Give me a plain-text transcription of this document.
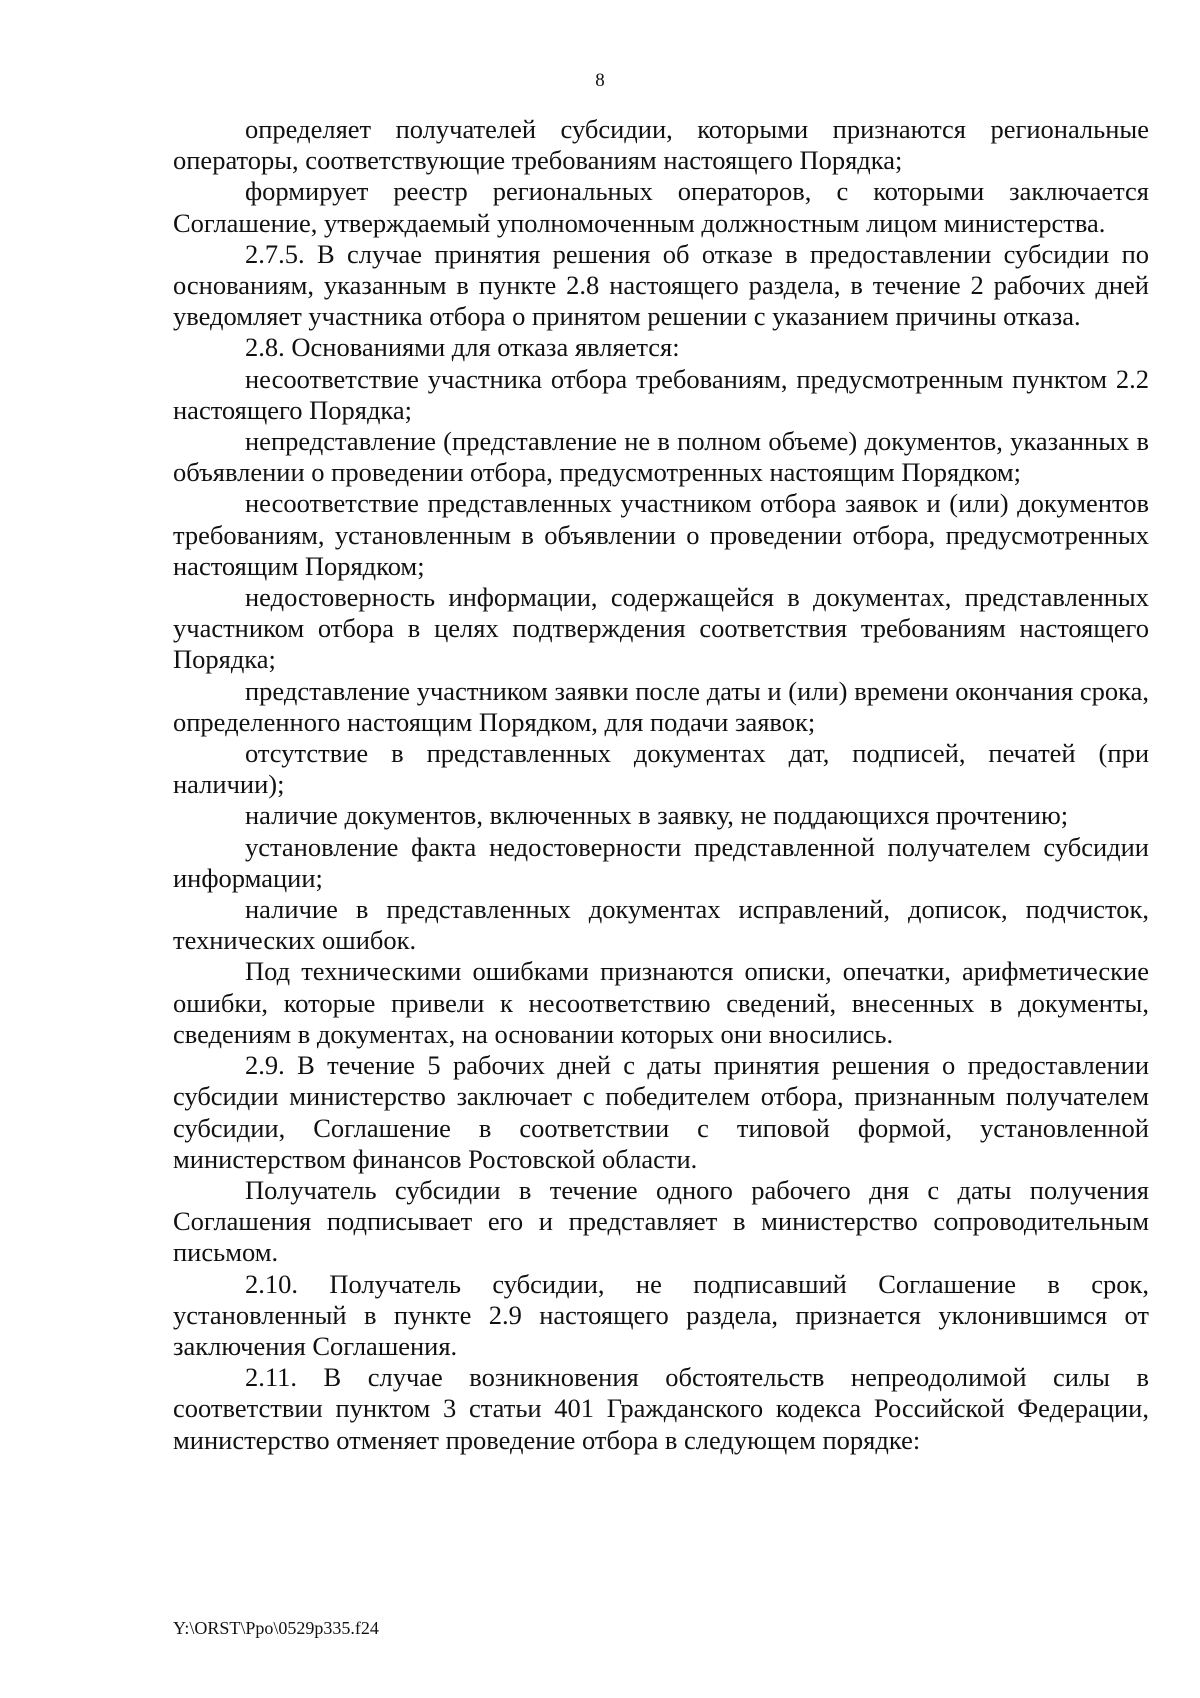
8

определяет получателей субсидии, которыми признаются региональные операторы, соответствующие требованиям настоящего Порядка;

формирует реестр региональных операторов, с которыми заключается Соглашение, утверждаемый уполномоченным должностным лицом министерства.

2.7.5. В случае принятия решения об отказе в предоставлении субсидии по основаниям, указанным в пункте 2.8 настоящего раздела, в течение 2 рабочих дней уведомляет участника отбора о принятом решении с указанием причины отказа.

2.8. Основаниями для отказа является:

несоответствие участника отбора требованиям, предусмотренным пунктом 2.2 настоящего Порядка;

непредставление (представление не в полном объеме) документов, указанных в объявлении о проведении отбора, предусмотренных настоящим Порядком;

несоответствие представленных участником отбора заявок и (или) документов требованиям, установленным в объявлении о проведении отбора, предусмотренных настоящим Порядком;

недостоверность информации, содержащейся в документах, представленных участником отбора в целях подтверждения соответствия требованиям настоящего Порядка;

представление участником заявки после даты и (или) времени окончания срока, определенного настоящим Порядком, для подачи заявок;

отсутствие в представленных документах дат, подписей, печатей (при наличии);

наличие документов, включенных в заявку, не поддающихся прочтению;

установление факта недостоверности представленной получателем субсидии информации;

наличие в представленных документах исправлений, дописок, подчисток, технических ошибок.

Под техническими ошибками признаются описки, опечатки, арифметические ошибки, которые привели к несоответствию сведений, внесенных в документы, сведениям в документах, на основании которых они вносились.

2.9. В течение 5 рабочих дней с даты принятия решения о предоставлении субсидии министерство заключает с победителем отбора, признанным получателем субсидии, Соглашение в соответствии с типовой формой, установленной министерством финансов Ростовской области.

Получатель субсидии в течение одного рабочего дня с даты получения Соглашения подписывает его и представляет в министерство сопроводительным письмом.

2.10. Получатель субсидии, не подписавший Соглашение в срок, установленный в пункте 2.9 настоящего раздела, признается уклонившимся от заключения Соглашения.

2.11. В случае возникновения обстоятельств непреодолимой силы в соответствии пунктом 3 статьи 401 Гражданского кодекса Российской Федерации, министерство отменяет проведение отбора в следующем порядке:

Y:\ORST\Ppo\0529p335.f24
